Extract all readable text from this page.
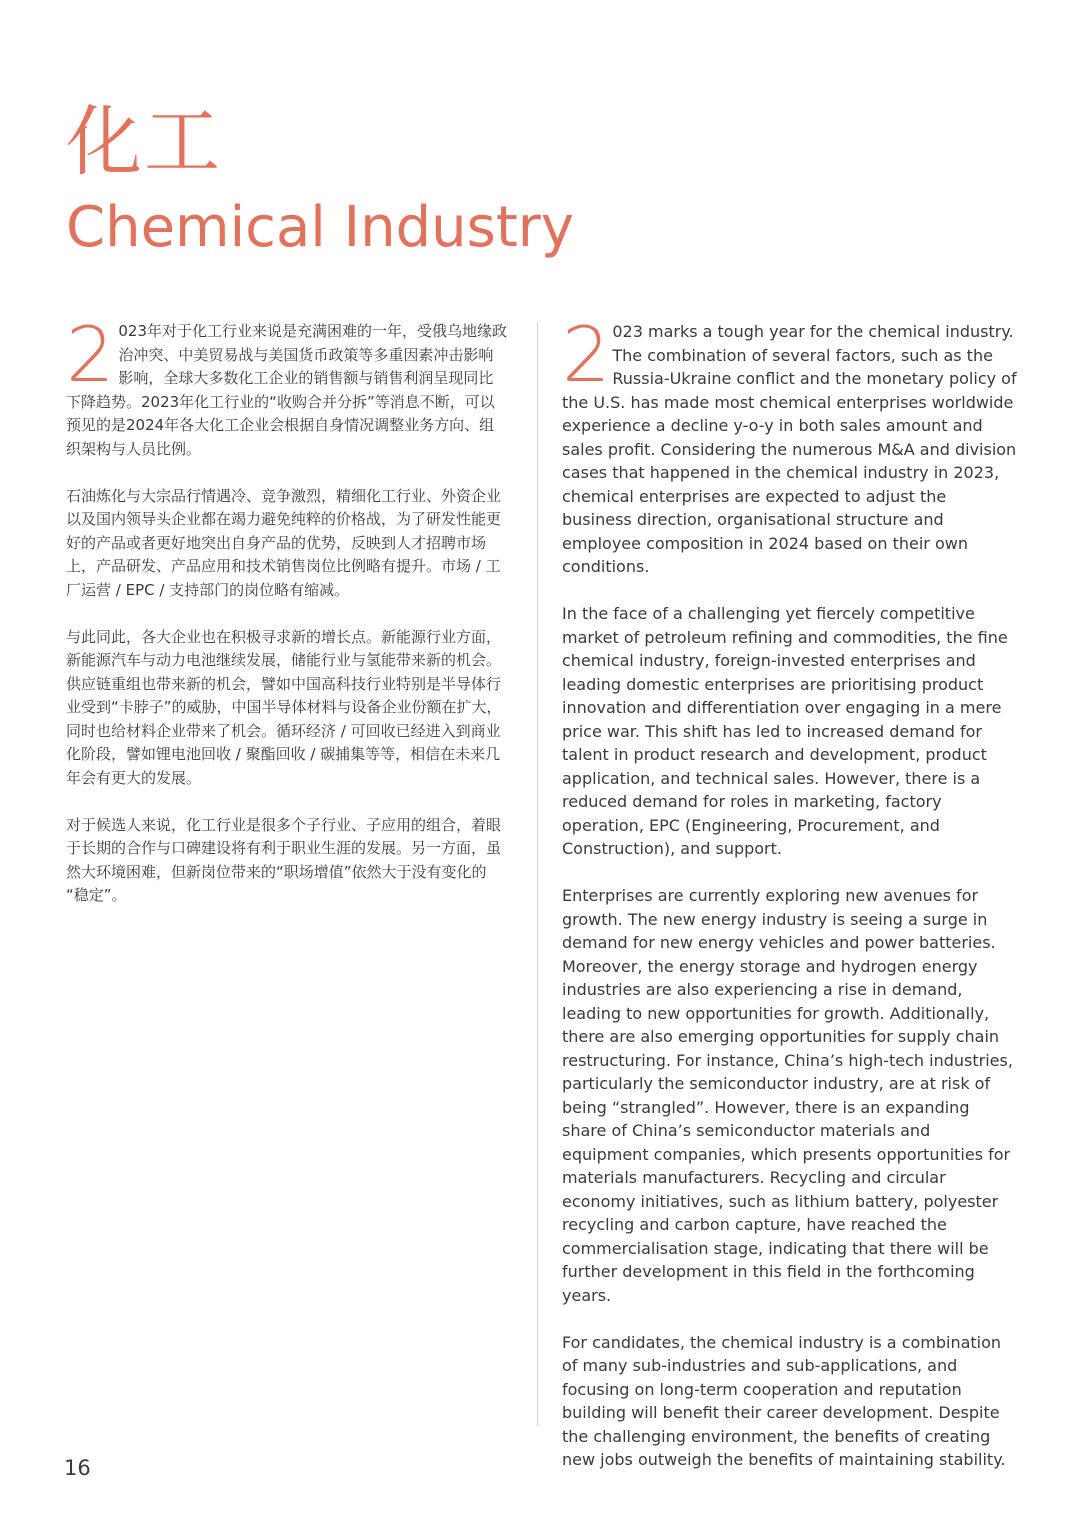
化工
Chemical Industry

2 023年对于化工行业来说是充满困难的一年，受俄乌地缘政治冲突、中美贸易战与美国货币政策等多重因素冲击影响影响，全球大多数化工企业的销售额与销售利润呈现同比下降趋势。2023年化工行业的“收购合并分拆”等消息不断，可以预见的是2024年各大化工企业会根据自身情况调整业务方向、组织架构与人员比例。

石油炼化与大宗品行情遇冷、竞争激烈，精细化工行业、外资企业以及国内领导头企业都在竭力避免纯粹的价格战，为了研发性能更好的产品或者更好地突出自身产品的优势，反映到人才招聘市场上，产品研发、产品应用和技术销售岗位比例略有提升。市场 / 工厂运营 / EPC / 支持部门的岗位略有缩减。

与此同此，各大企业也在积极寻求新的增长点。新能源行业方面，新能源汽车与动力电池继续发展，储能行业与氢能带来新的机会。供应链重组也带来新的机会，譬如中国高科技行业特别是半导体行业受到“卡脖子”的威胁，中国半导体材料与设备企业份额在扩大，同时也给材料企业带来了机会。循环经济 / 可回收已经进入到商业化阶段，譬如锂电池回收 / 聚酯回收 / 碳捕集等等，相信在未来几年会有更大的发展。

对于候选人来说，化工行业是很多个子行业、子应用的组合，着眼于长期的合作与口碑建设将有利于职业生涯的发展。另一方面，虽然大环境困难，但新岗位带来的“职场增值”依然大于没有变化的
“稳定”。

2 023 marks a tough year for the chemical industry. The combination of several factors, such as the Russia-Ukraine conflict and the monetary policy of the U.S. has made most chemical enterprises worldwide experience a decline y-o-y in both sales amount and sales profit. Considering the numerous M&A and division cases that happened in the chemical industry in 2023, chemical enterprises are expected to adjust the business direction, organisational structure and employee composition in 2024 based on their own conditions.

In the face of a challenging yet fiercely competitive market of petroleum refining and commodities, the fine chemical industry, foreign-invested enterprises and leading domestic enterprises are prioritising product innovation and differentiation over engaging in a mere price war. This shift has led to increased demand for talent in product research and development, product application, and technical sales. However, there is a reduced demand for roles in marketing, factory operation, EPC (Engineering, Procurement, and Construction), and support.

Enterprises are currently exploring new avenues for growth. The new energy industry is seeing a surge in demand for new energy vehicles and power batteries. Moreover, the energy storage and hydrogen energy industries are also experiencing a rise in demand, leading to new opportunities for growth. Additionally, there are also emerging opportunities for supply chain restructuring. For instance, China’s high-tech industries, particularly the semiconductor industry, are at risk of being “strangled”. However, there is an expanding share of China’s semiconductor materials and equipment companies, which presents opportunities for materials manufacturers. Recycling and circular economy initiatives, such as lithium battery, polyester recycling and carbon capture, have reached the commercialisation stage, indicating that there will be further development in this field in the forthcoming years.

For candidates, the chemical industry is a combination of many sub-industries and sub-applications, and focusing on long-term cooperation and reputation building will benefit their career development. Despite the challenging environment, the benefits of creating new jobs outweigh the benefits of maintaining stability.

16
